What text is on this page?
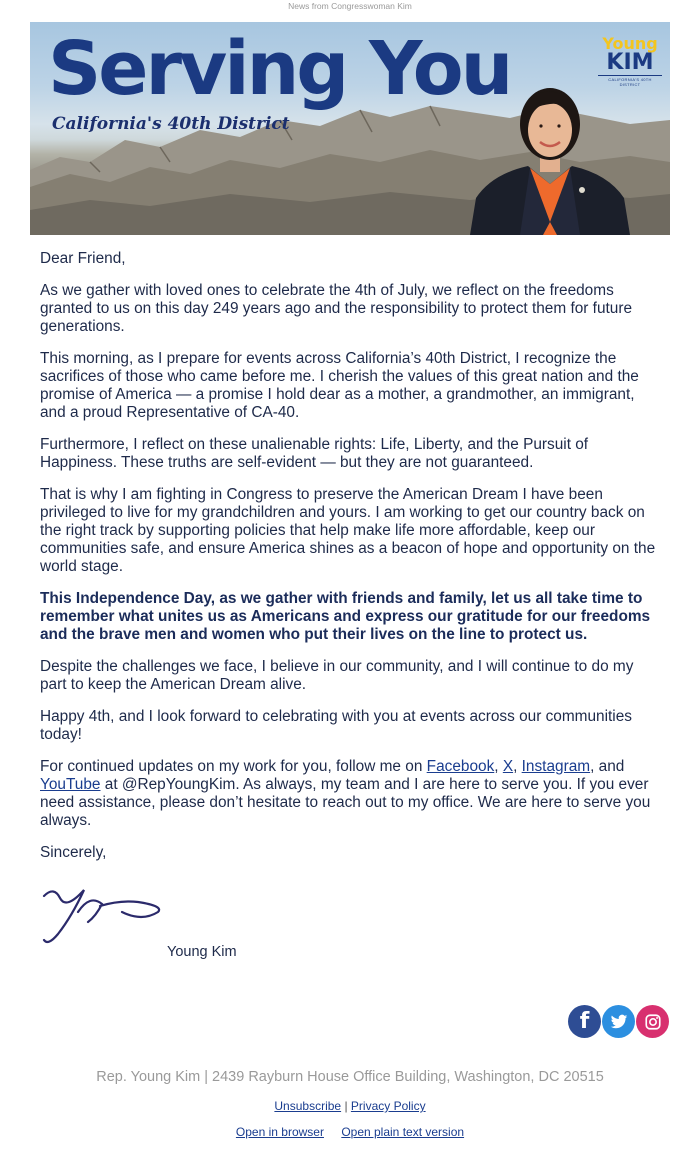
News from Congresswoman Kim
Serving You
California's 40th District
Young
KIM
CALIFORNIA'S 40TH DISTRICT

Dear Friend,

As we gather with loved ones to celebrate the 4th of July, we reflect on the freedoms granted to us on this day 249 years ago and the responsibility to protect them for future generations.

This morning, as I prepare for events across California’s 40th District, I recognize the sacrifices of those who came before me. I cherish the values of this great nation and the promise of America — a promise I hold dear as a mother, a grandmother, an immigrant, and a proud Representative of CA-40.

Furthermore, I reflect on these unalienable rights: Life, Liberty, and the Pursuit of Happiness. These truths are self-evident — but they are not guaranteed.

That is why I am fighting in Congress to preserve the American Dream I have been privileged to live for my grandchildren and yours. I am working to get our country back on the right track by supporting policies that help make life more affordable, keep our communities safe, and ensure America shines as a beacon of hope and opportunity on the world stage.

This Independence Day, as we gather with friends and family, let us all take time to remember what unites us as Americans and express our gratitude for our freedoms and the brave men and women who put their lives on the line to protect us.

Despite the challenges we face, I believe in our community, and I will continue to do my part to keep the American Dream alive.

Happy 4th, and I look forward to celebrating with you at events across our communities today!

For continued updates on my work for you, follow me on Facebook, X, Instagram, and YouTube at @RepYoungKim. As always, my team and I are here to serve you. If you ever need assistance, please don’t hesitate to reach out to my office. We are here to serve you always.

Sincerely,

Young Kim
f
Rep. Young Kim | 2439 Rayburn House Office Building, Washington, DC 20515
Unsubscribe | Privacy Policy
Open in browser Open plain text version
